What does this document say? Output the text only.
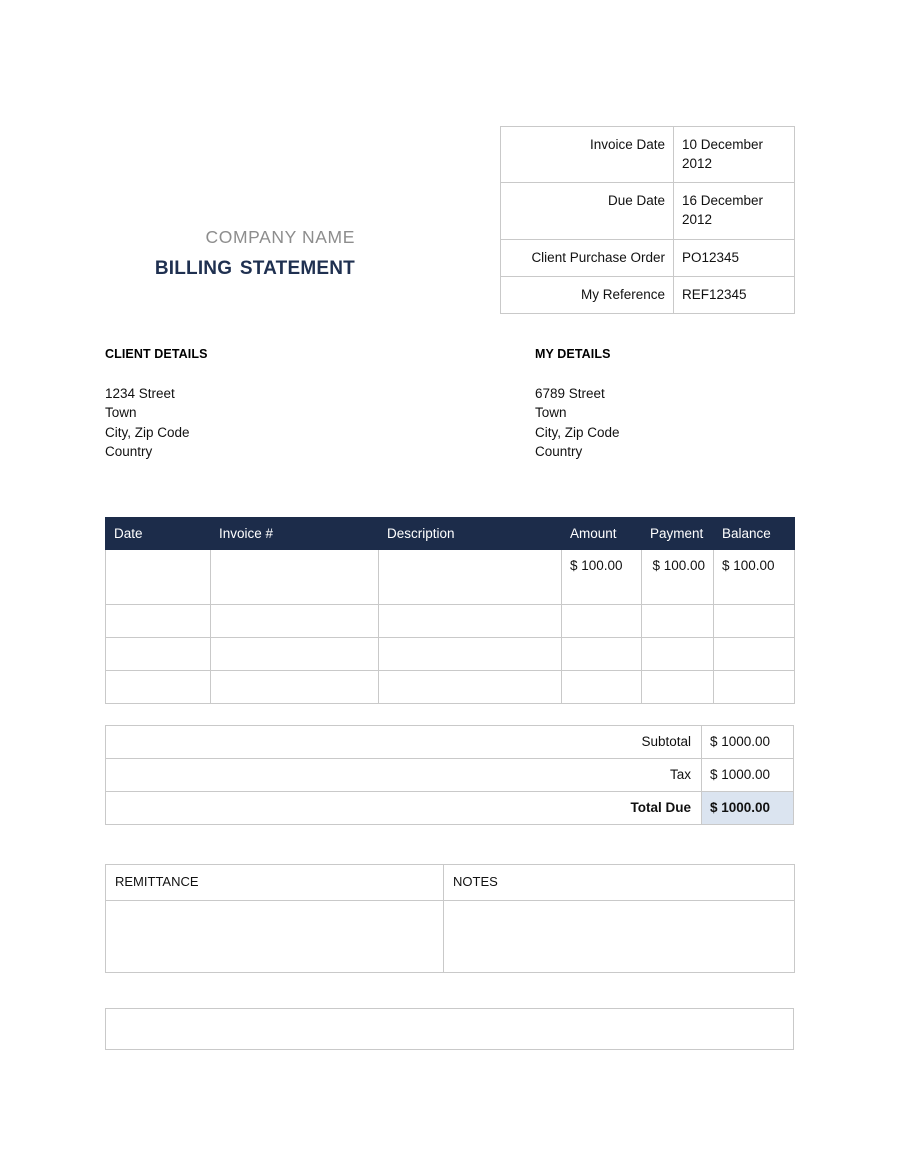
Invoice Date	10 December 2012
Due Date	16 December 2012
Client Purchase Order	PO12345
My Reference	REF12345
COMPANY NAME
billing statement
CLIENT DETAILS
1234 Street
Town
City, Zip Code
Country
MY DETAILS
6789 Street
Town
City, Zip Code
Country
Date	Invoice #	Description	Amount	Payment	Balance
			$ 100.00	$ 100.00	$ 100.00

Subtotal	$ 1000.00
Tax	$ 1000.00
Total Due	$ 1000.00
REMITTANCE	NOTES
